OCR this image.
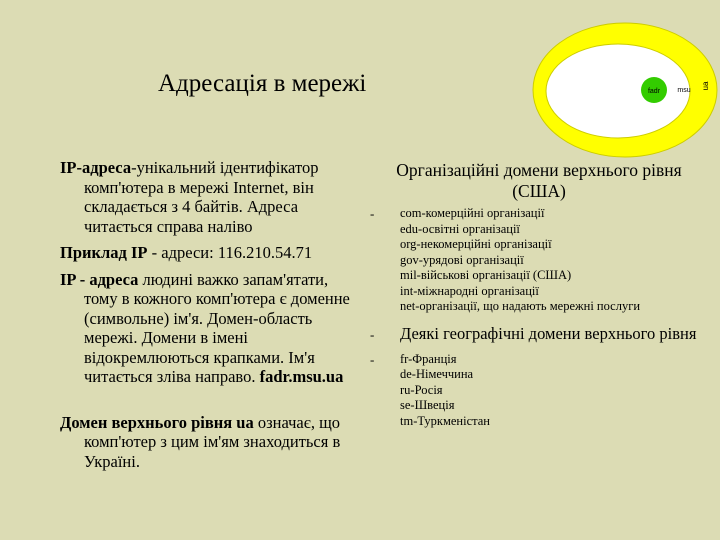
Адресація в мережі	fadr msu
ua

IP-адреса-унікальний ідентифікатор комп'ютера в мережі Internet, він складається з 4 байтів. Адреса читається справа наліво

Приклад IP - адреси: 116.210.54.71

IP - адреса людині важко запам'ятати, тому в кожного комп'ютера є доменне (символьне) ім'я. Домен-область мережі. Домени в імені відокремлюються крапками. Ім'я читається зліва направо. fadr.msu.ua

Домен верхнього рівня ua означає, що комп'ютер з цим ім'ям знаходиться в Україні.

Організаційні домени верхнього рівня (США)
- com-комерційні організації
edu-освітні організації
org-некомерційні організації
gov-урядові організації
mil-військові організації (США)
int-міжнародні організації
net-організації, що надають мережні послуги
- Деякі географічні домени верхнього рівня
- fr-Франція
de-Німеччина
ru-Росія
se-Швеція
tm-Туркменістан
